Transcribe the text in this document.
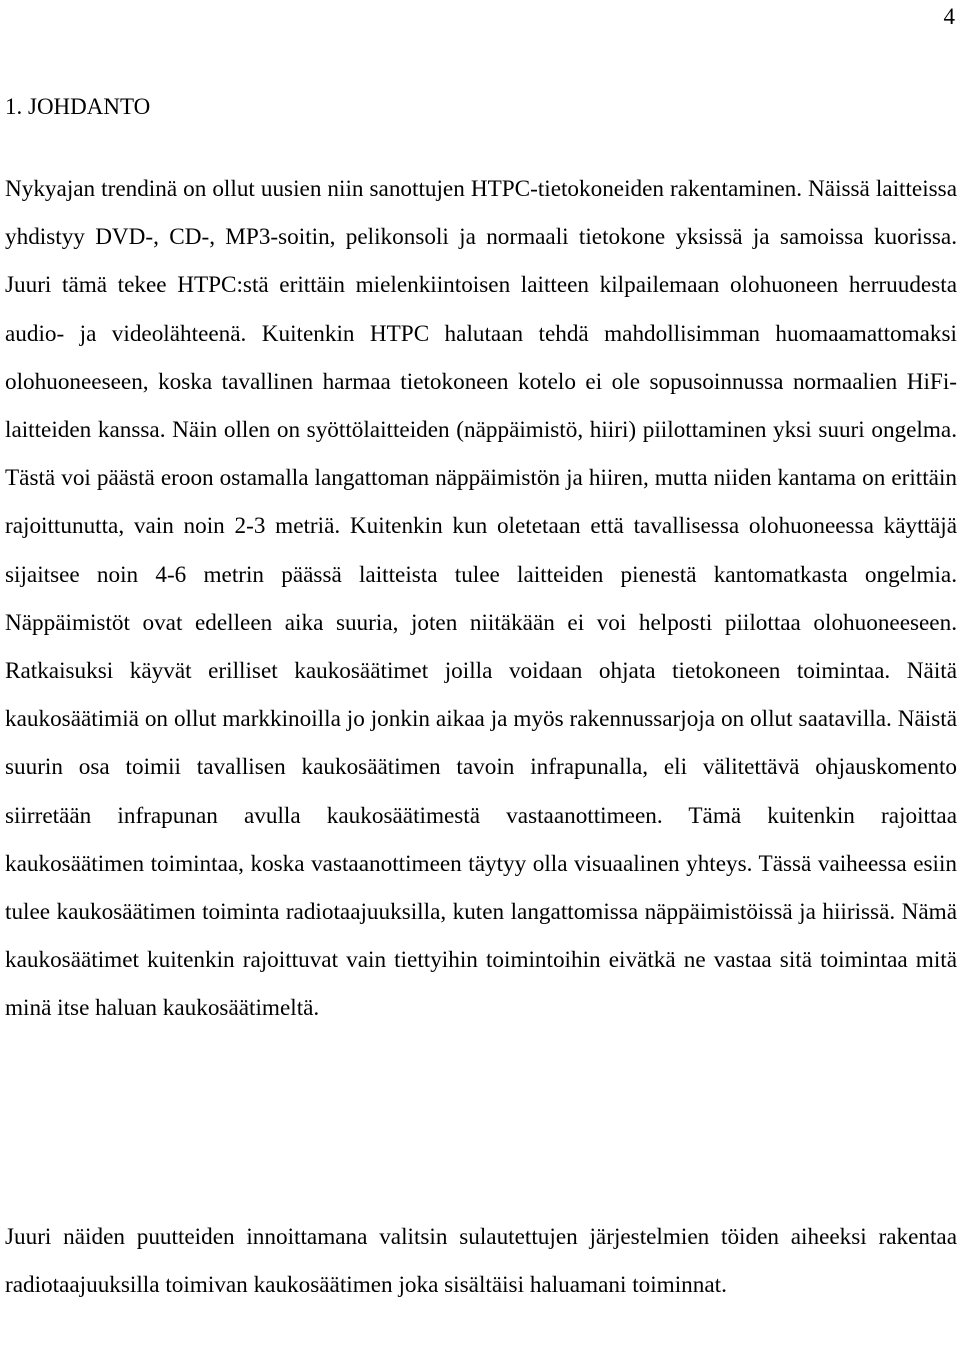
4
1. JOHDANTO

Nykyajan trendinä on ollut uusien niin sanottujen HTPC-tietokoneiden rakentaminen. Näissä laitteissa yhdistyy DVD-, CD-, MP3-soitin, pelikonsoli ja normaali tietokone yksissä ja samoissa kuorissa. Juuri tämä tekee HTPC:stä erittäin mielenkiintoisen laitteen kilpailemaan olohuoneen herruudesta audio- ja videolähteenä. Kuitenkin HTPC halutaan tehdä mahdollisimman huomaamattomaksi olohuoneeseen, koska tavallinen harmaa tietokoneen kotelo ei ole sopusoinnussa normaalien HiFi-laitteiden kanssa. Näin ollen on syöttölaitteiden (näppäimistö, hiiri) piilottaminen yksi suuri ongelma. Tästä voi päästä eroon ostamalla langattoman näppäimistön ja hiiren, mutta niiden kantama on erittäin rajoittunutta, vain noin 2-3 metriä. Kuitenkin kun oletetaan että tavallisessa olohuoneessa käyttäjä sijaitsee noin 4-6 metrin päässä laitteista tulee laitteiden pienestä kantomatkasta ongelmia. Näppäimistöt ovat edelleen aika suuria, joten niitäkään ei voi helposti piilottaa olohuoneeseen. Ratkaisuksi käyvät erilliset kaukosäätimet joilla voidaan ohjata tietokoneen toimintaa. Näitä kaukosäätimiä on ollut markkinoilla jo jonkin aikaa ja myös rakennussarjoja on ollut saatavilla. Näistä suurin osa toimii tavallisen kaukosäätimen tavoin infrapunalla, eli välitettävä ohjauskomento siirretään infrapunan avulla kaukosäätimestä vastaanottimeen. Tämä kuitenkin rajoittaa kaukosäätimen toimintaa, koska vastaanottimeen täytyy olla visuaalinen yhteys. Tässä vaiheessa esiin tulee kaukosäätimen toiminta radiotaajuuksilla, kuten langattomissa näppäimistöissä ja hiirissä. Nämä kaukosäätimet kuitenkin rajoittuvat vain tiettyihin toimintoihin eivätkä ne vastaa sitä toimintaa mitä minä itse haluan kaukosäätimeltä.

Juuri näiden puutteiden innoittamana valitsin sulautettujen järjestelmien töiden aiheeksi rakentaa radiotaajuuksilla toimivan kaukosäätimen joka sisältäisi haluamani toiminnat.
